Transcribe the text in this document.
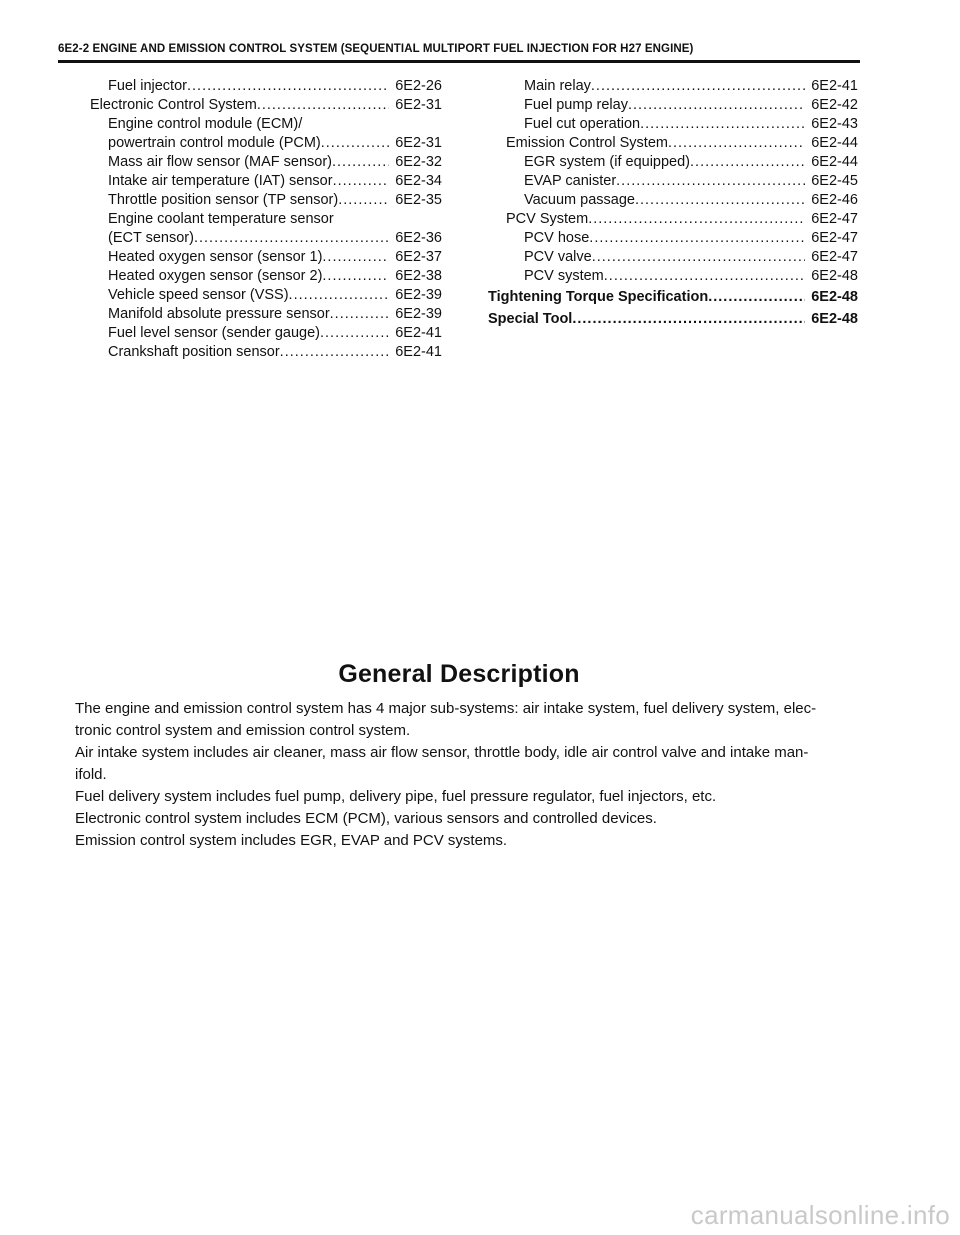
6E2-2 ENGINE AND EMISSION CONTROL SYSTEM (SEQUENTIAL MULTIPORT FUEL INJECTION FOR H27 ENGINE)
Fuel injector .....	6E2-26
Electronic Control System .....	6E2-31
Engine control module (ECM)/
powertrain control module (PCM) .....	6E2-31
Mass air flow sensor (MAF sensor) .....	6E2-32
Intake air temperature (IAT) sensor .....	6E2-34
Throttle position sensor (TP sensor) .....	6E2-35
Engine coolant temperature sensor
(ECT sensor) .....	6E2-36
Heated oxygen sensor (sensor 1) .....	6E2-37
Heated oxygen sensor (sensor 2) .....	6E2-38
Vehicle speed sensor (VSS) .....	6E2-39
Manifold absolute pressure sensor .....	6E2-39
Fuel level sensor (sender gauge) .....	6E2-41
Crankshaft position sensor .....	6E2-41
Main relay .....	6E2-41
Fuel pump relay .....	6E2-42
Fuel cut operation .....	6E2-43
Emission Control System .....	6E2-44
EGR system (if equipped) .....	6E2-44
EVAP canister .....	6E2-45
Vacuum passage .....	6E2-46
PCV System .....	6E2-47
PCV hose .....	6E2-47
PCV valve .....	6E2-47
PCV system .....	6E2-48
Tightening Torque Specification .....	6E2-48
Special Tool .....	6E2-48
General Description

The engine and emission control system has 4 major sub-systems: air intake system, fuel delivery system, elec-

tronic control system and emission control system.

Air intake system includes air cleaner, mass air flow sensor, throttle body, idle air control valve and intake man-

ifold.

Fuel delivery system includes fuel pump, delivery pipe, fuel pressure regulator, fuel injectors, etc.

Electronic control system includes ECM (PCM), various sensors and controlled devices.

Emission control system includes EGR, EVAP and PCV systems.

carmanualsonline.info
